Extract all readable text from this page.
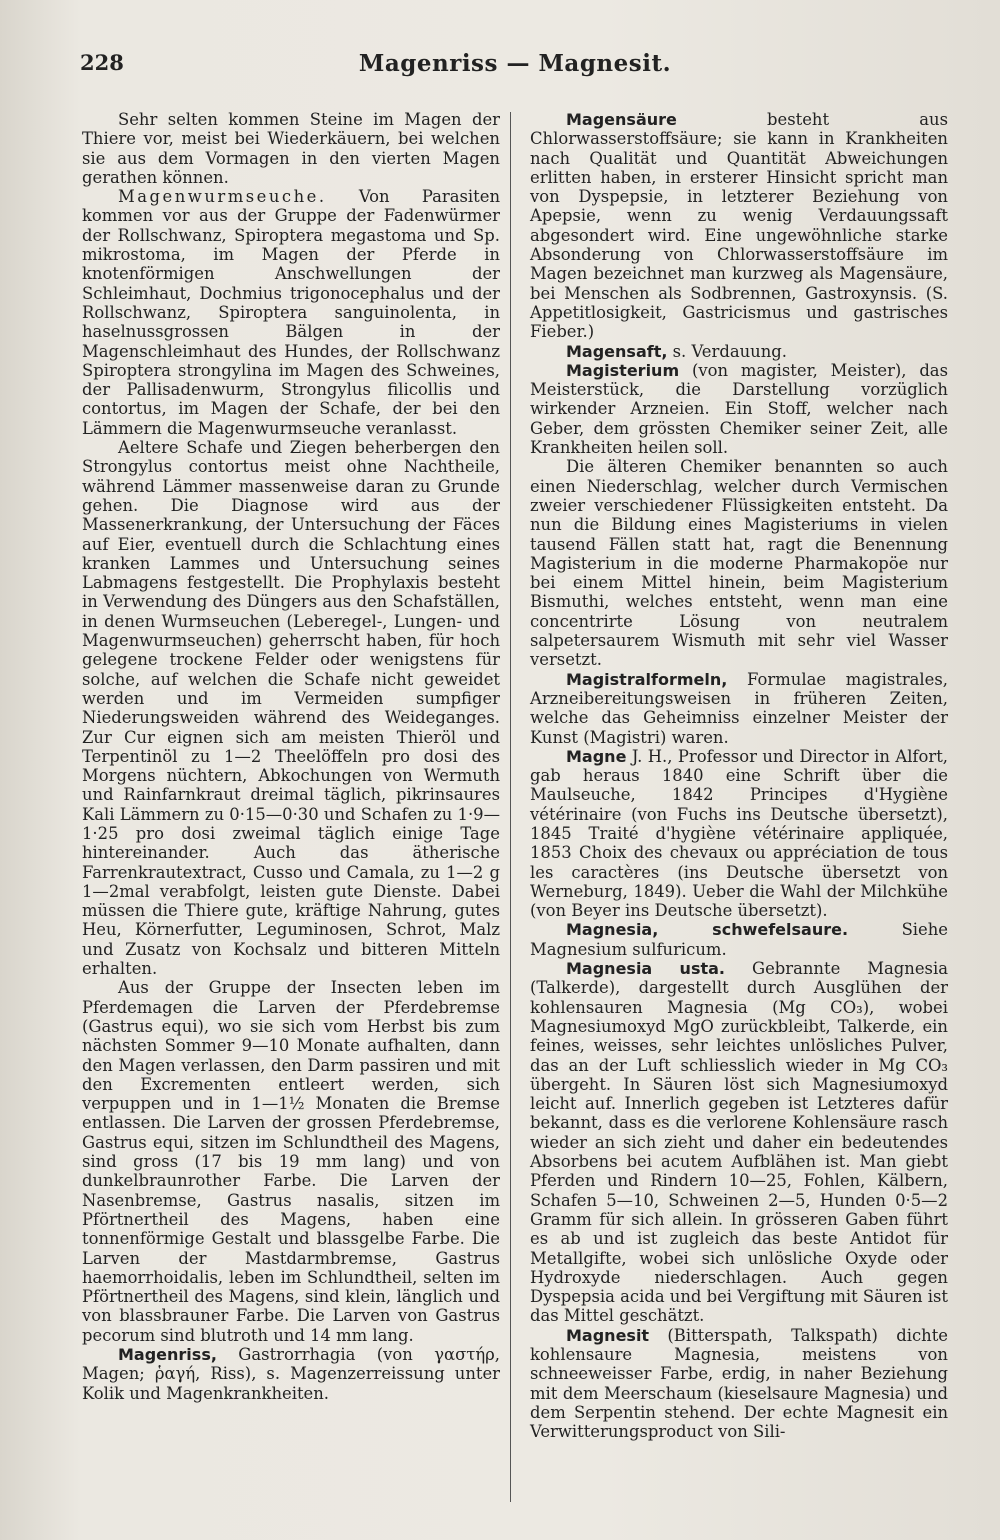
228	Magenriss — Magnesit.

Sehr selten kommen Steine im Magen der Thiere vor, meist bei Wiederkäuern, bei welchen sie aus dem Vormagen in den vierten Magen gerathen können.

Magenwurmseuche. Von Parasiten kommen vor aus der Gruppe der Fadenwürmer der Rollschwanz, Spiroptera megastoma und Sp. mikrostoma, im Magen der Pferde in knotenförmigen Anschwellungen der Schleimhaut, Dochmius trigonocephalus und der Rollschwanz, Spiroptera sanguinolenta, in haselnussgrossen Bälgen in der Magenschleimhaut des Hundes, der Rollschwanz Spiroptera strongylina im Magen des Schweines, der Pallisadenwurm, Strongylus filicollis und contortus, im Magen der Schafe, der bei den Lämmern die Magenwurmseuche veranlasst.

Aeltere Schafe und Ziegen beherbergen den Strongylus contortus meist ohne Nachtheile, während Lämmer massenweise daran zu Grunde gehen. Die Diagnose wird aus der Massenerkrankung, der Untersuchung der Fäces auf Eier, eventuell durch die Schlachtung eines kranken Lammes und Untersuchung seines Labmagens festgestellt. Die Prophylaxis besteht in Verwendung des Düngers aus den Schafställen, in denen Wurmseuchen (Leberegel-, Lungen- und Magenwurmseuchen) geherrscht haben, für hoch gelegene trockene Felder oder wenigstens für solche, auf welchen die Schafe nicht geweidet werden und im Vermeiden sumpfiger Niederungsweiden während des Weideganges. Zur Cur eignen sich am meisten Thieröl und Terpentinöl zu 1—2 Theelöffeln pro dosi des Morgens nüchtern, Abkochungen von Wermuth und Rainfarnkraut dreimal täglich, pikrinsaures Kali Lämmern zu 0·15—0·30 und Schafen zu 1·9—1·25 pro dosi zweimal täglich einige Tage hintereinander. Auch das ätherische Farrenkrautextract, Cusso und Camala, zu 1—2 g 1—2mal verabfolgt, leisten gute Dienste. Dabei müssen die Thiere gute, kräftige Nahrung, gutes Heu, Körnerfutter, Leguminosen, Schrot, Malz und Zusatz von Kochsalz und bitteren Mitteln erhalten.

Aus der Gruppe der Insecten leben im Pferdemagen die Larven der Pferdebremse (Gastrus equi), wo sie sich vom Herbst bis zum nächsten Sommer 9—10 Monate aufhalten, dann den Magen verlassen, den Darm passiren und mit den Excrementen entleert werden, sich verpuppen und in 1—1½ Monaten die Bremse entlassen. Die Larven der grossen Pferdebremse, Gastrus equi, sitzen im Schlundtheil des Magens, sind gross (17 bis 19 mm lang) und von dunkelbraunrother Farbe. Die Larven der Nasenbremse, Gastrus nasalis, sitzen im Pförtnertheil des Magens, haben eine tonnenförmige Gestalt und blassgelbe Farbe. Die Larven der Mastdarmbremse, Gastrus haemorrhoidalis, leben im Schlundtheil, selten im Pförtnertheil des Magens, sind klein, länglich und von blassbrauner Farbe. Die Larven von Gastrus pecorum sind blutroth und 14 mm lang.

Magenriss, Gastrorrhagia (von γαστήρ, Magen; ῥαγή, Riss), s. Magenzerreissung unter Kolik und Magenkrankheiten.

Magensäure besteht aus Chlorwasserstoffsäure; sie kann in Krankheiten nach Qualität und Quantität Abweichungen erlitten haben, in ersterer Hinsicht spricht man von Dyspepsie, in letzterer Beziehung von Apepsie, wenn zu wenig Verdauungssaft abgesondert wird. Eine ungewöhnliche starke Absonderung von Chlorwasserstoffsäure im Magen bezeichnet man kurzweg als Magensäure, bei Menschen als Sodbrennen, Gastroxynsis. (S. Appetitlosigkeit, Gastricismus und gastrisches Fieber.)

Magensaft, s. Verdauung.

Magisterium (von magister, Meister), das Meisterstück, die Darstellung vorzüglich wirkender Arzneien. Ein Stoff, welcher nach Geber, dem grössten Chemiker seiner Zeit, alle Krankheiten heilen soll.

Die älteren Chemiker benannten so auch einen Niederschlag, welcher durch Vermischen zweier verschiedener Flüssigkeiten entsteht. Da nun die Bildung eines Magisteriums in vielen tausend Fällen statt hat, ragt die Benennung Magisterium in die moderne Pharmakopöe nur bei einem Mittel hinein, beim Magisterium Bismuthi, welches entsteht, wenn man eine concentrirte Lösung von neutralem salpetersaurem Wismuth mit sehr viel Wasser versetzt.

Magistralformeln, Formulae magistrales, Arzneibereitungsweisen in früheren Zeiten, welche das Geheimniss einzelner Meister der Kunst (Magistri) waren.

Magne J. H., Professor und Director in Alfort, gab heraus 1840 eine Schrift über die Maulseuche, 1842 Principes d'Hygiène vétérinaire (von Fuchs ins Deutsche übersetzt), 1845 Traité d'hygiène vétérinaire appliquée, 1853 Choix des chevaux ou appréciation de tous les caractères (ins Deutsche übersetzt von Werneburg, 1849). Ueber die Wahl der Milchkühe (von Beyer ins Deutsche übersetzt).

Magnesia, schwefelsaure. Siehe Magnesium sulfuricum.

Magnesia usta. Gebrannte Magnesia (Talkerde), dargestellt durch Ausglühen der kohlensauren Magnesia (Mg CO₃), wobei Magnesiumoxyd MgO zurückbleibt, Talkerde, ein feines, weisses, sehr leichtes unlösliches Pulver, das an der Luft schliesslich wieder in Mg CO₃ übergeht. In Säuren löst sich Magnesiumoxyd leicht auf. Innerlich gegeben ist Letzteres dafür bekannt, dass es die verlorene Kohlensäure rasch wieder an sich zieht und daher ein bedeutendes Absorbens bei acutem Aufblähen ist. Man giebt Pferden und Rindern 10—25, Fohlen, Kälbern, Schafen 5—10, Schweinen 2—5, Hunden 0·5—2 Gramm für sich allein. In grösseren Gaben führt es ab und ist zugleich das beste Antidot für Metallgifte, wobei sich unlösliche Oxyde oder Hydroxyde niederschlagen. Auch gegen Dyspepsia acida und bei Vergiftung mit Säuren ist das Mittel geschätzt.

Magnesit (Bitterspath, Talkspath) dichte kohlensaure Magnesia, meistens von schneeweisser Farbe, erdig, in naher Beziehung mit dem Meerschaum (kieselsaure Magnesia) und dem Serpentin stehend. Der echte Magnesit ein Verwitterungsproduct von Sili-
